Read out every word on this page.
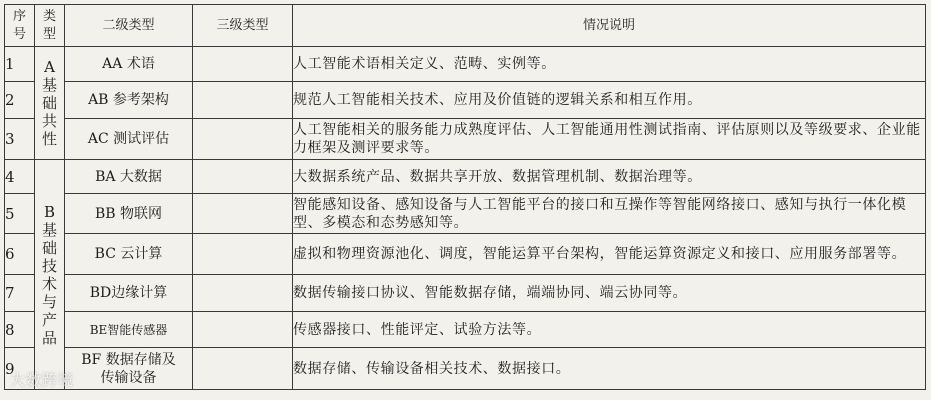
序号	类型	二级类型	三级类型	情况说明
1	A基础共性	AA 术语		人工智能术语相关定义、范畴、实例等。
2		AB 参考架构		规范人工智能相关技术、应用及价值链的逻辑关系和相互作用。
3		AC 测试评估		人工智能相关的服务能力成熟度评估、人工智能通用性测试指南、评估原则以及等级要求、企业能力框架及测评要求等。
4	B基础技术与产品	BA 大数据		大数据系统产品、数据共享开放、数据管理机制、数据治理等。
5		BB 物联网		智能感知设备、感知设备与人工智能平台的接口和互操作等智能网络接口、感知与执行一体化模型、多模态和态势感知等。
6		BC 云计算		虚拟和物理资源池化、调度，智能运算平台架构，智能运算资源定义和接口、应用服务部署等。
7		BD边缘计算		数据传输接口协议、智能数据存储，端端协同、端云协同等。
8		BE智能传感器		传感器接口、性能评定、试验方法等。
9		BF 数据存储及传输设备		数据存储、传输设备相关技术、数据接口。
大数跨境
